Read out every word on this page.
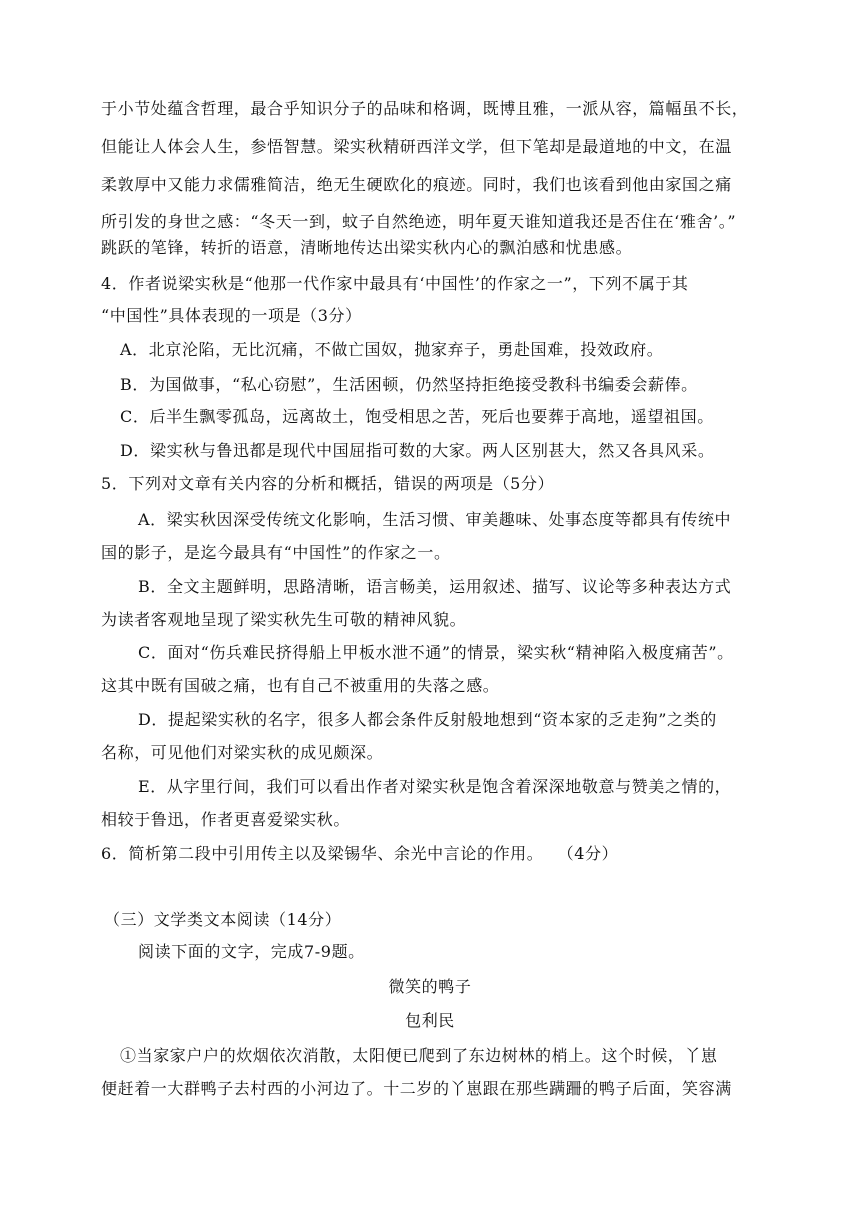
于小节处蕴含哲理，最合乎知识分子的品味和格调，既博且雅，一派从容，篇幅虽不长，
但能让人体会人生，参悟智慧。梁实秋精研西洋文学，但下笔却是最道地的中文，在温
柔敦厚中又能力求儒雅简洁，绝无生硬欧化的痕迹。同时，我们也该看到他由家国之痛
所引发的身世之感：“冬天一到，蚊子自然绝迹，明年夏天谁知道我还是否住在‘雅舍’。”
跳跃的笔锋，转折的语意，清晰地传达出梁实秋内心的飘泊感和忧患感。
4．作者说梁实秋是“他那一代作家中最具有‘中国性’的作家之一”，下列不属于其
“中国性”具体表现的一项是（3分）
A．北京沦陷，无比沉痛，不做亡国奴，抛家弃子，勇赴国难，投效政府。
B．为国做事，“私心窃慰”，生活困顿，仍然坚持拒绝接受教科书编委会薪俸。
C．后半生飘零孤岛，远离故土，饱受相思之苦，死后也要葬于高地，遥望祖国。
D．梁实秋与鲁迅都是现代中国屈指可数的大家。两人区别甚大，然又各具风采。
5．下列对文章有关内容的分析和概括，错误的两项是（5分）
A．梁实秋因深受传统文化影响，生活习惯、审美趣味、处事态度等都具有传统中
国的影子，是迄今最具有“中国性”的作家之一。
B．全文主题鲜明，思路清晰，语言畅美，运用叙述、描写、议论等多种表达方式
为读者客观地呈现了梁实秋先生可敬的精神风貌。
C．面对“伤兵难民挤得船上甲板水泄不通”的情景，梁实秋“精神陷入极度痛苦”。
这其中既有国破之痛，也有自己不被重用的失落之感。
D．提起梁实秋的名字，很多人都会条件反射般地想到“资本家的乏走狗”之类的
名称，可见他们对梁实秋的成见颇深。
E．从字里行间，我们可以看出作者对梁实秋是饱含着深深地敬意与赞美之情的，
相较于鲁迅，作者更喜爱梁实秋。
6．简析第二段中引用传主以及梁锡华、余光中言论的作用。　 （4分）
（三）文学类文本阅读（14分）
阅读下面的文字，完成7-9题。
微笑的鸭子
包利民
①当家家户户的炊烟依次消散，太阳便已爬到了东边树林的梢上。这个时候，丫崽
便赶着一大群鸭子去村西的小河边了。十二岁的丫崽跟在那些蹒跚的鸭子后面，笑容满
